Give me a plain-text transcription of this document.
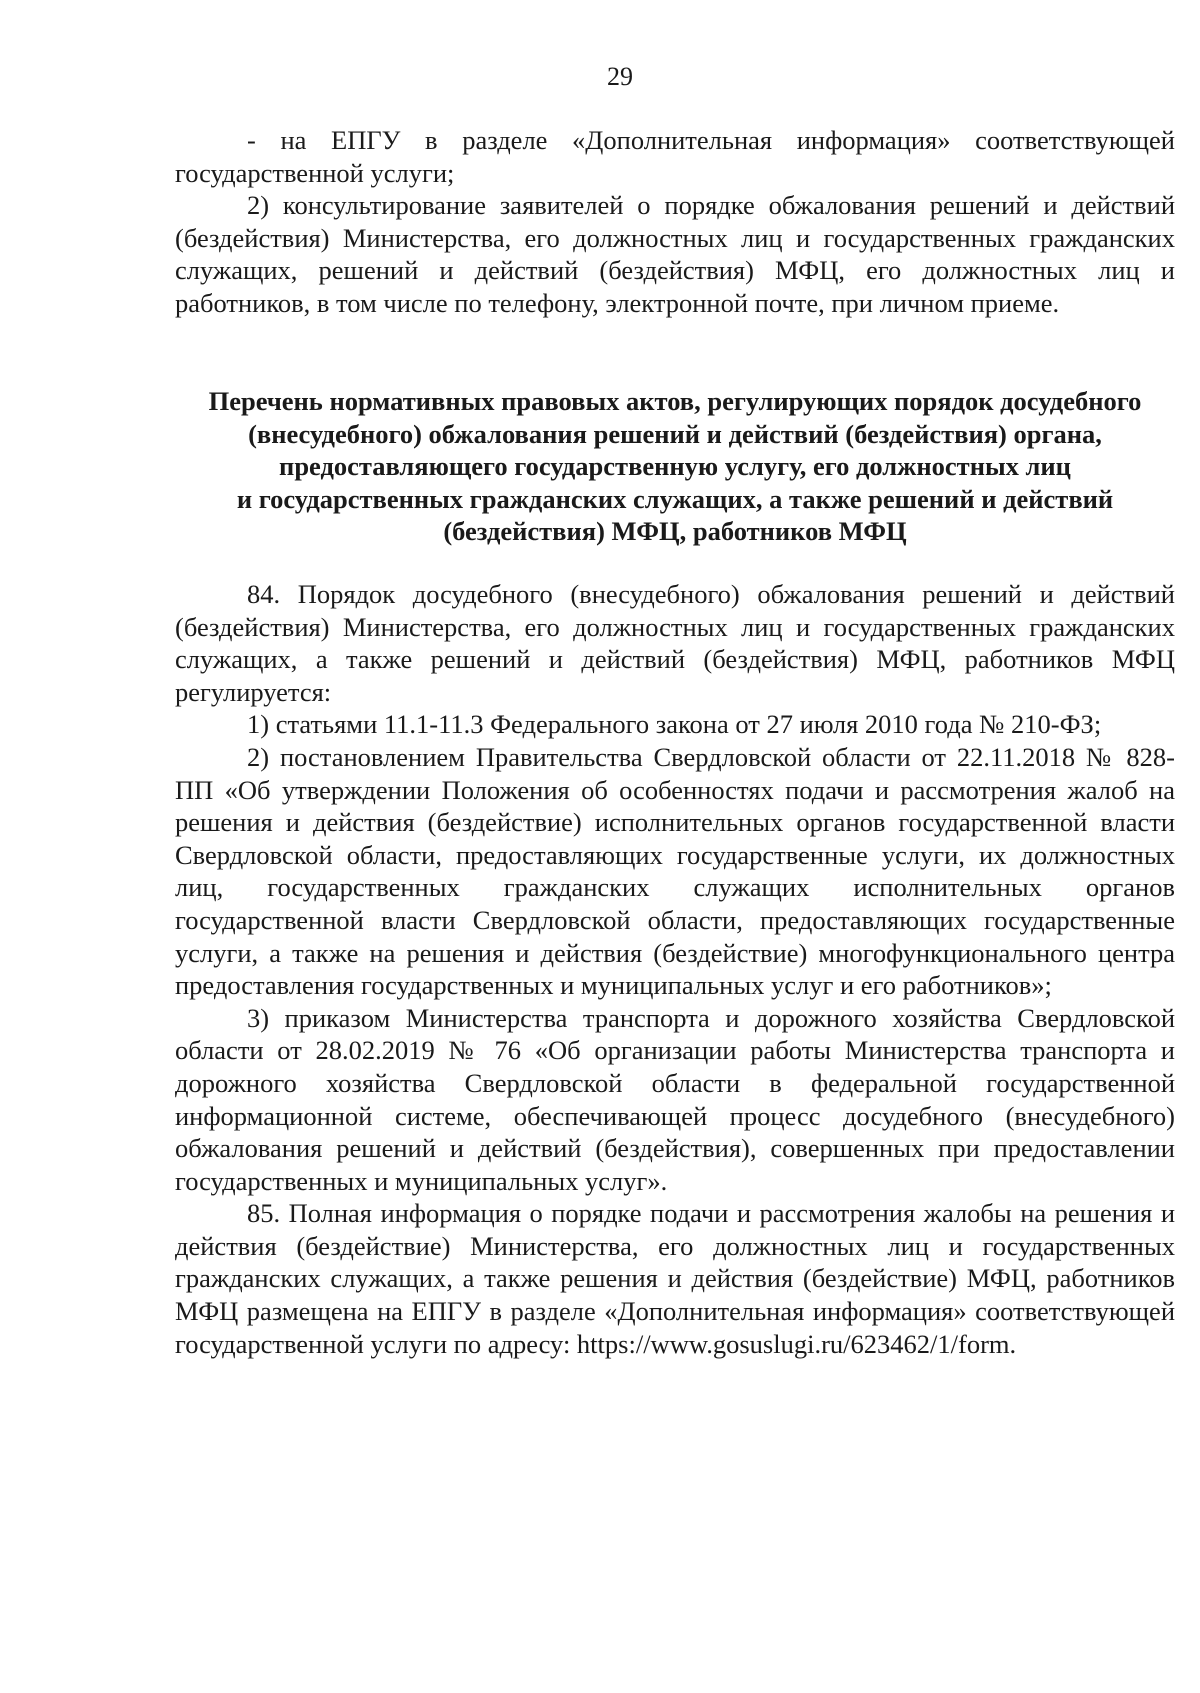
29

- на ЕПГУ в разделе «Дополнительная информация» соответствующей государственной услуги;

2) консультирование заявителей о порядке обжалования решений и действий (бездействия) Министерства, его должностных лиц и государственных гражданских служащих, решений и действий (бездействия) МФЦ, его должностных лиц и работников, в том числе по телефону, электронной почте, при личном приеме.

Перечень нормативных правовых актов, регулирующих порядок досудебного
(внесудебного) обжалования решений и действий (бездействия) органа,
предоставляющего государственную услугу, его должностных лиц
и государственных гражданских служащих, а также решений и действий
(бездействия) МФЦ, работников МФЦ

84. Порядок досудебного (внесудебного) обжалования решений и действий (бездействия) Министерства, его должностных лиц и государственных гражданских служащих, а также решений и действий (бездействия) МФЦ, работников МФЦ регулируется:

1) статьями 11.1-11.3 Федерального закона от 27 июля 2010 года № 210-ФЗ;

2) постановлением Правительства Свердловской области от 22.11.2018 № 828-ПП «Об утверждении Положения об особенностях подачи и рассмотрения жалоб на решения и действия (бездействие) исполнительных органов государственной власти Свердловской области, предоставляющих государственные услуги, их должностных лиц, государственных гражданских служащих исполнительных органов государственной власти Свердловской области, предоставляющих государственные услуги, а также на решения и действия (бездействие) многофункционального центра предоставления государственных и муниципальных услуг и его работников»;

3) приказом Министерства транспорта и дорожного хозяйства Свердловской области от 28.02.2019 № 76 «Об организации работы Министерства транспорта и дорожного хозяйства Свердловской области в федеральной государственной информационной системе, обеспечивающей процесс досудебного (внесудебного) обжалования решений и действий (бездействия), совершенных при предоставлении государственных и муниципальных услуг».

85. Полная информация о порядке подачи и рассмотрения жалобы на решения и действия (бездействие) Министерства, его должностных лиц и государственных гражданских служащих, а также решения и действия (бездействие) МФЦ, работников МФЦ размещена на ЕПГУ в разделе «Дополнительная информация» соответствующей государственной услуги по адресу: https://www.gosuslugi.ru/623462/1/form.
